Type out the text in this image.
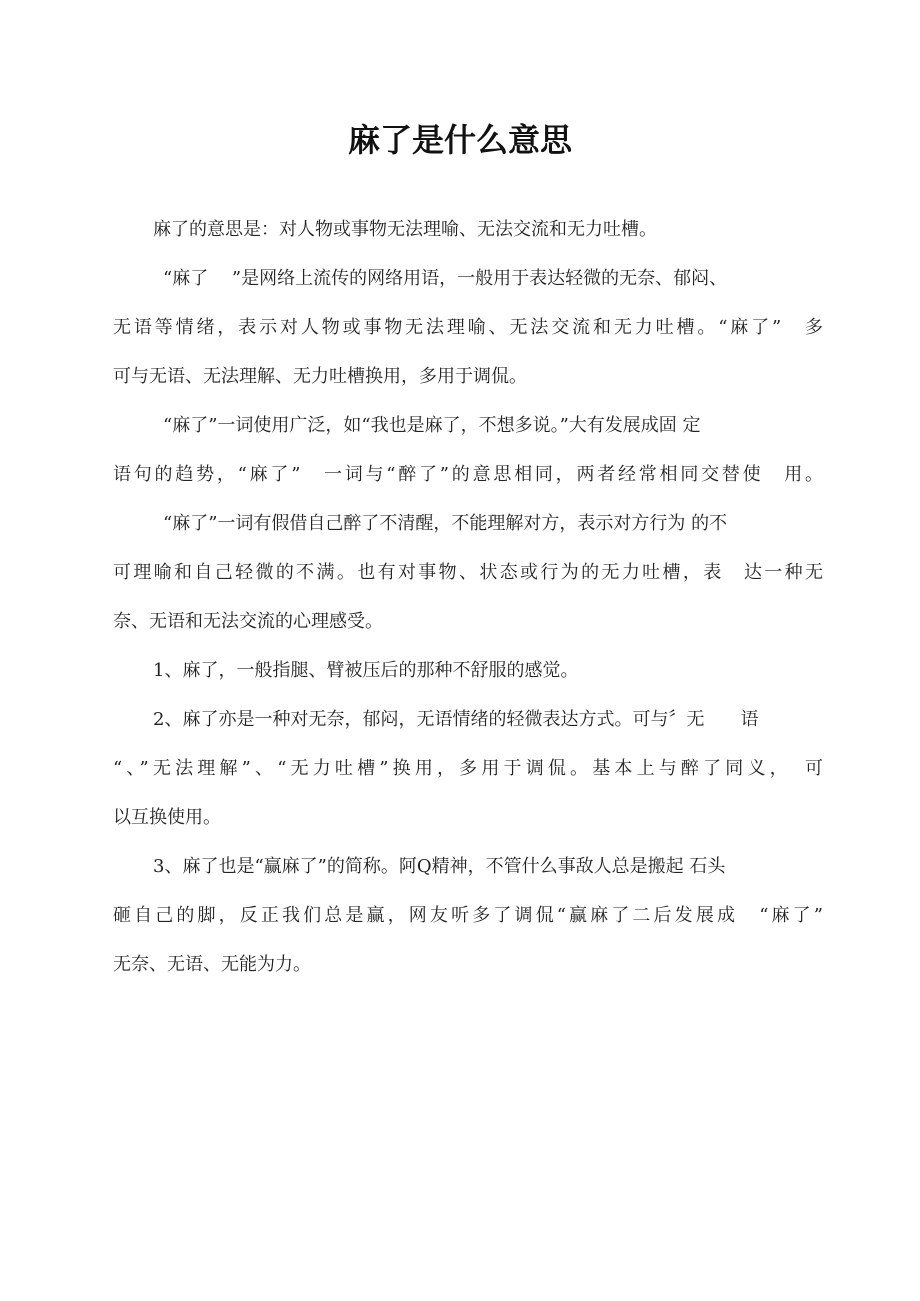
麻了是什么意思
麻了的意思是：对人物或事物无法理喻、无法交流和无力吐槽。
“麻了　 ”是网络上流传的网络用语，一般用于表达轻微的无奈、郁闷、
无语等情绪，表示对人物或事物无法理喻、无法交流和无力吐槽。“麻了”　多
可与无语、无法理解、无力吐槽换用，多用于调侃。
“麻了”一词使用广泛，如“我也是麻了，不想多说。”大有发展成固 定
语句的趋势，“麻了”　一词与“醉了”的意思相同，两者经常相同交替使　用。
“麻了”一词有假借自己醉了不清醒，不能理解对方，表示对方行为 的不
可理喻和自己轻微的不满。也有对事物、状态或行为的无力吐槽，表　达一种无
奈、无语和无法交流的心理感受。
1、麻了，一般指腿、臂被压后的那种不舒服的感觉。
2、麻了亦是一种对无奈，郁闷，无语情绪的轻微表达方式。可与〞无　　语
“、”无法理解”、“无力吐槽”换用，多用于调侃。基本上与醉了同义，　可
以互换使用。
3、麻了也是“赢麻了”的简称。阿Q精神，不管什么事敌人总是搬起 石头
砸自己的脚，反正我们总是赢，网友听多了调侃“赢麻了二后发展成　“麻了”
无奈、无语、无能为力。
